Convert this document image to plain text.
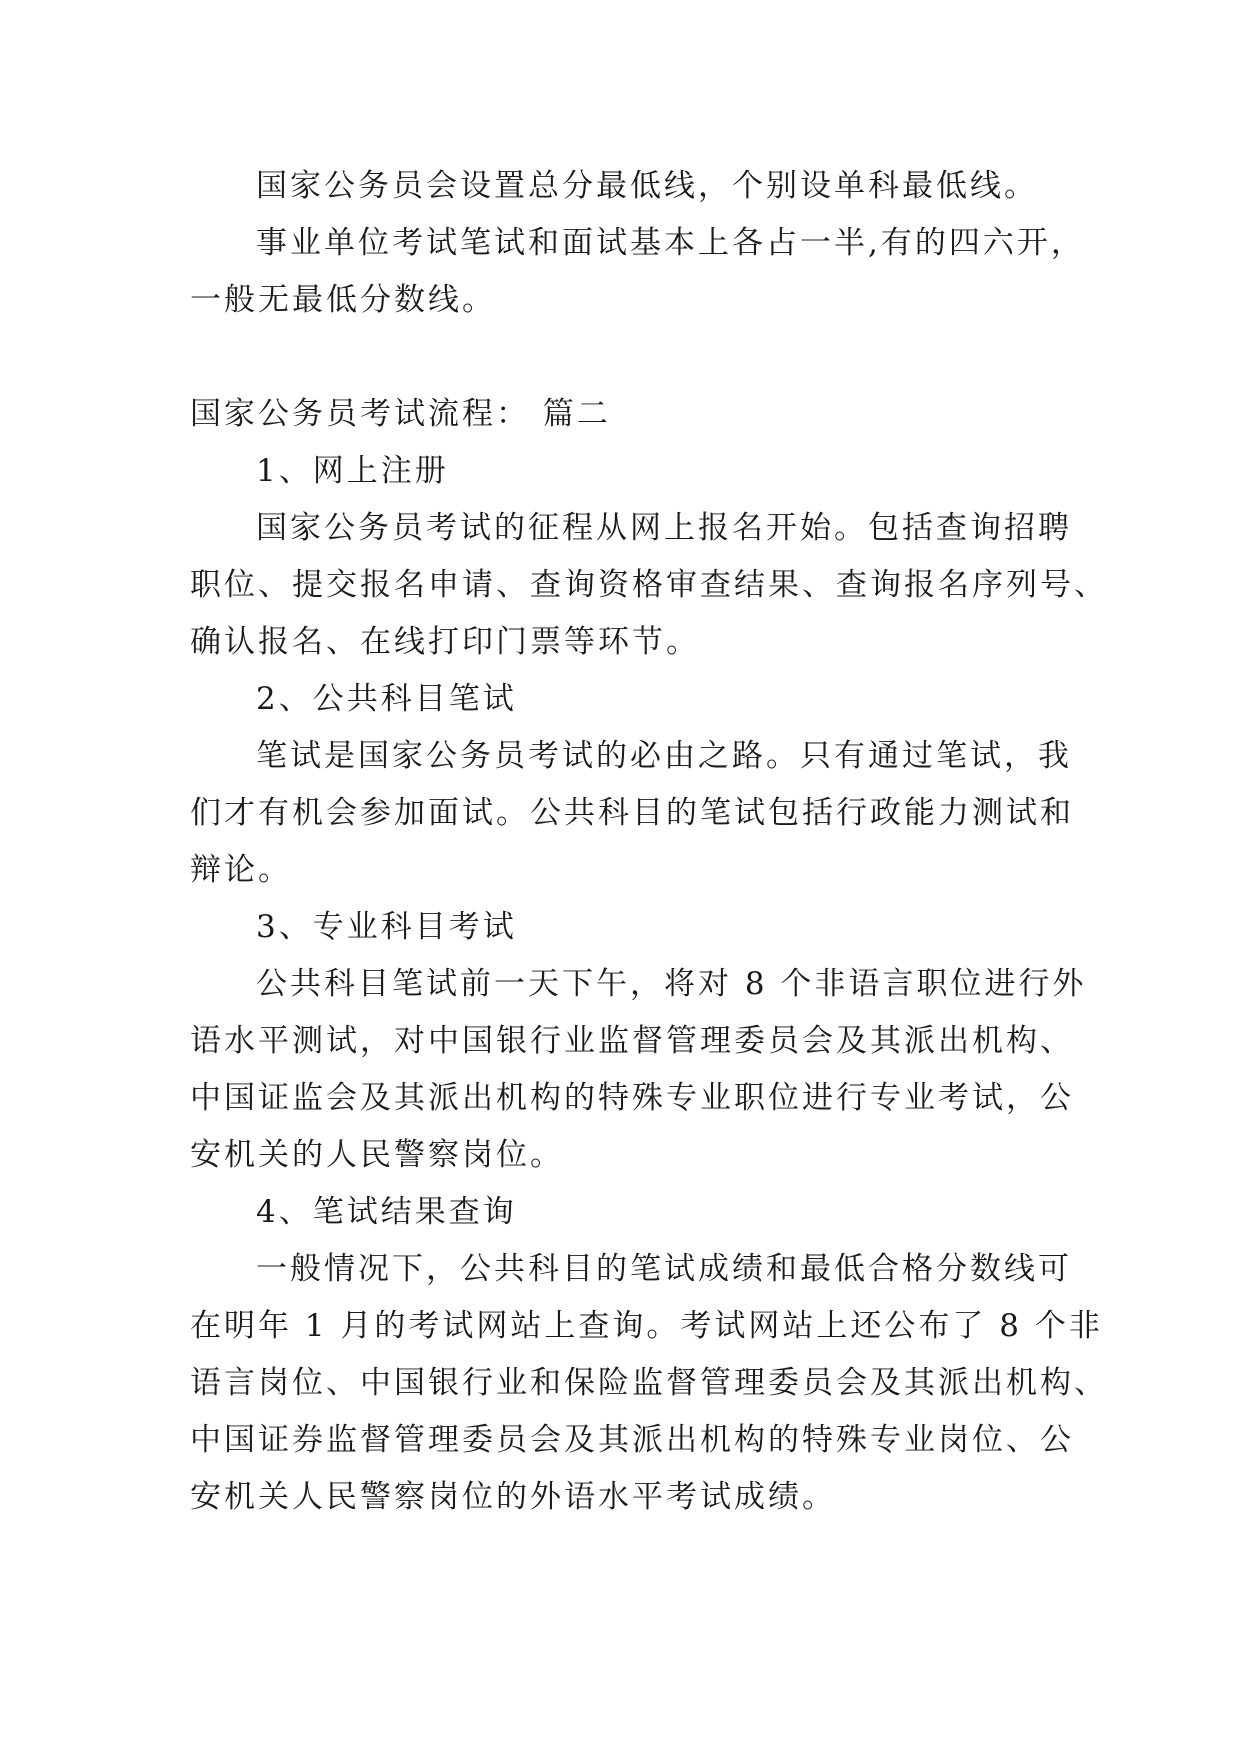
国家公务员会设置总分最低线，个别设单科最低线。
事业单位考试笔试和面试基本上各占一半,有的四六开，
一般无最低分数线。
国家公务员考试流程： 篇二
1、网上注册
国家公务员考试的征程从网上报名开始。包括查询招聘
职位、提交报名申请、查询资格审查结果、查询报名序列号、
确认报名、在线打印门票等环节。
2、公共科目笔试
笔试是国家公务员考试的必由之路。只有通过笔试，我
们才有机会参加面试。公共科目的笔试包括行政能力测试和
辩论。
3、专业科目考试
公共科目笔试前一天下午，将对 8 个非语言职位进行外
语水平测试，对中国银行业监督管理委员会及其派出机构、
中国证监会及其派出机构的特殊专业职位进行专业考试，公
安机关的人民警察岗位。
4、笔试结果查询
一般情况下，公共科目的笔试成绩和最低合格分数线可
在明年 1 月的考试网站上查询。考试网站上还公布了 8 个非
语言岗位、中国银行业和保险监督管理委员会及其派出机构、
中国证券监督管理委员会及其派出机构的特殊专业岗位、公
安机关人民警察岗位的外语水平考试成绩。
